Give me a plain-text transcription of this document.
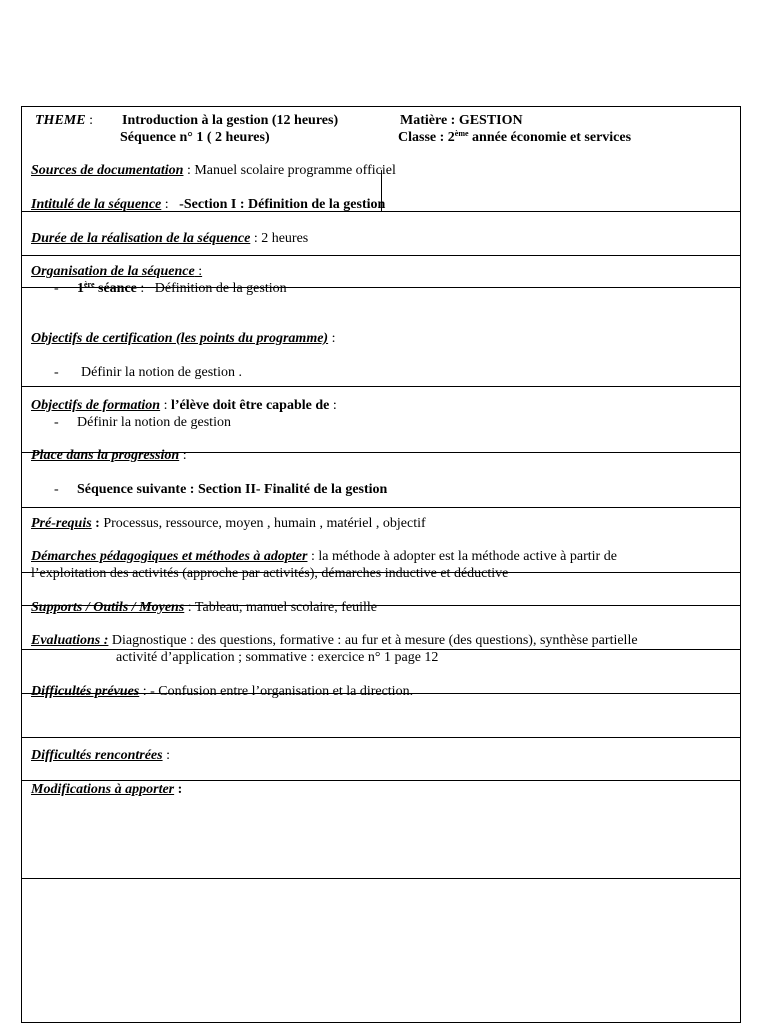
THEME : Introduction à la gestion (12 heures)	Matière : GESTION
Séquence n° 1 ( 2 heures)	Classe : 2ème année économie et services
Sources de documentation : Manuel scolaire programme officiel
Intitulé de la séquence :   -Section I : Définition de la gestion
Durée de la réalisation de la séquence : 2 heures
Organisation de la séquence :
- 1ère séance :   Définition de la gestion
Objectifs de certification (les points du programme) :
- Définir la notion de gestion .
Objectifs de formation : l’élève doit être capable de :
- Définir la notion de gestion
Place dans la progression :
- Séquence suivante : Section II- Finalité de la gestion
Pré-requis : Processus, ressource, moyen , humain , matériel , objectif
Démarches pédagogiques et méthodes à adopter : la méthode à adopter est la méthode active à partir de
l’exploitation des activités (approche par activités), démarches inductive et déductive
Supports / Outils / Moyens : Tableau, manuel scolaire, feuille
Evaluations : Diagnostique : des questions, formative : au fur et à mesure (des questions), synthèse partielle
activité d’application ; sommative : exercice n° 1 page 12
Difficultés prévues : - Confusion entre l’organisation et la direction.
Difficultés rencontrées :
Modifications à apporter :
